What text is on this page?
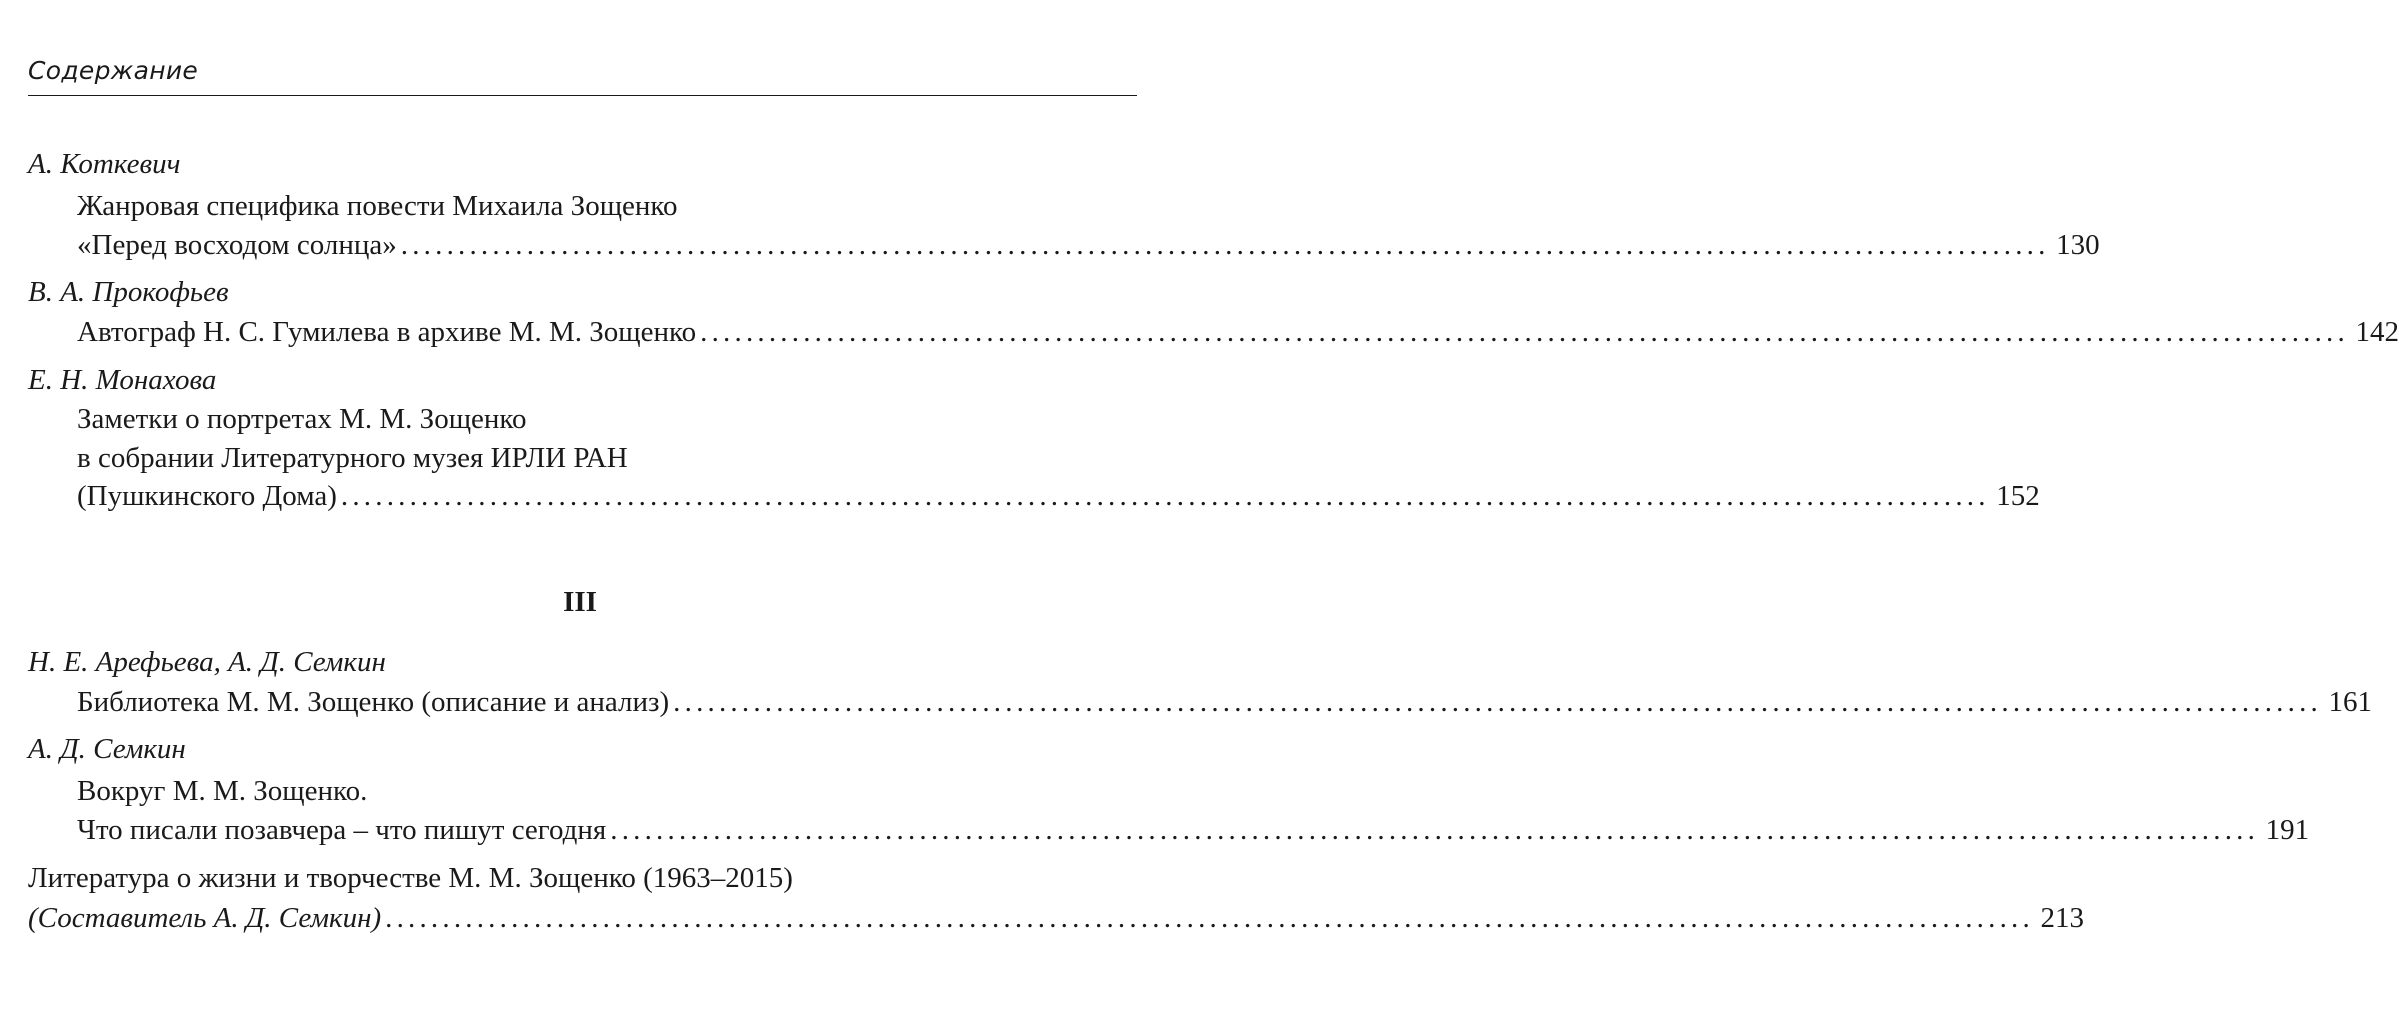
Содержание
А. Коткевич
Жанровая специфика повести Михаила Зощенко
«Перед восходом солнца» ................................................................................................................................................ 130
В. А. Прокофьев
Автограф Н. С. Гумилева в архиве М. М. Зощенко ................................................................................................................................................ 142
Е. Н. Монахова
Заметки о портретах М. М. Зощенко
в собрании Литературного музея ИРЛИ РАН
(Пушкинского Дома) ................................................................................................................................................ 152
III
Н. Е. Арефьева, А. Д. Семкин
Библиотека М. М. Зощенко (описание и анализ) ................................................................................................................................................ 161
А. Д. Семкин
Вокруг М. М. Зощенко.
Что писали позавчера – что пишут сегодня ................................................................................................................................................ 191
Литература о жизни и творчестве М. М. Зощенко (1963–2015)
(Составитель А. Д. Семкин) ................................................................................................................................................ 213
